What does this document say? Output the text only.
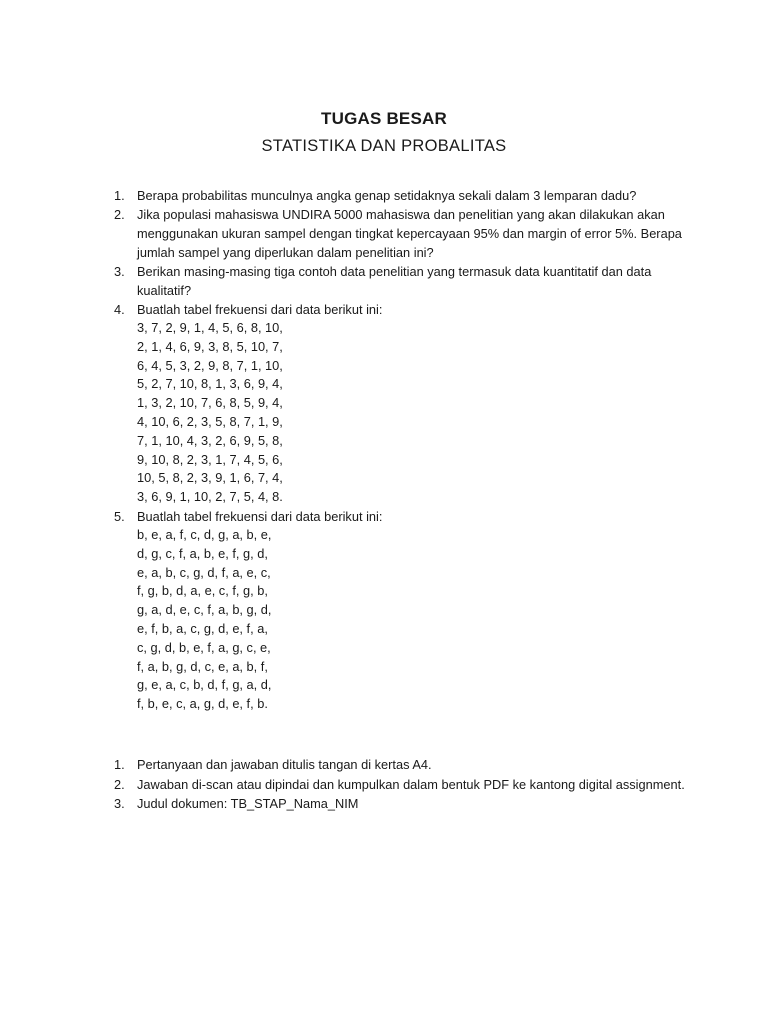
TUGAS BESAR
STATISTIKA DAN PROBALITAS
1. Berapa probabilitas munculnya angka genap setidaknya sekali dalam 3 lemparan dadu?
2. Jika populasi mahasiswa UNDIRA 5000 mahasiswa dan penelitian yang akan dilakukan akan menggunakan ukuran sampel dengan tingkat kepercayaan 95% dan margin of error 5%. Berapa jumlah sampel yang diperlukan dalam penelitian ini?
3. Berikan masing-masing tiga contoh data penelitian yang termasuk data kuantitatif dan data kualitatif?
4. Buatlah tabel frekuensi dari data berikut ini:
3, 7, 2, 9, 1, 4, 5, 6, 8, 10,
2, 1, 4, 6, 9, 3, 8, 5, 10, 7,
6, 4, 5, 3, 2, 9, 8, 7, 1, 10,
5, 2, 7, 10, 8, 1, 3, 6, 9, 4,
1, 3, 2, 10, 7, 6, 8, 5, 9, 4,
4, 10, 6, 2, 3, 5, 8, 7, 1, 9,
7, 1, 10, 4, 3, 2, 6, 9, 5, 8,
9, 10, 8, 2, 3, 1, 7, 4, 5, 6,
10, 5, 8, 2, 3, 9, 1, 6, 7, 4,
3, 6, 9, 1, 10, 2, 7, 5, 4, 8.
5. Buatlah tabel frekuensi dari data berikut ini:
b, e, a, f, c, d, g, a, b, e,
d, g, c, f, a, b, e, f, g, d,
e, a, b, c, g, d, f, a, e, c,
f, g, b, d, a, e, c, f, g, b,
g, a, d, e, c, f, a, b, g, d,
e, f, b, a, c, g, d, e, f, a,
c, g, d, b, e, f, a, g, c, e,
f, a, b, g, d, c, e, a, b, f,
g, e, a, c, b, d, f, g, a, d,
f, b, e, c, a, g, d, e, f, b.
1. Pertanyaan dan jawaban ditulis tangan di kertas A4.
2. Jawaban di-scan atau dipindai dan kumpulkan dalam bentuk PDF ke kantong digital assignment.
3. Judul dokumen: TB_STAP_Nama_NIM
